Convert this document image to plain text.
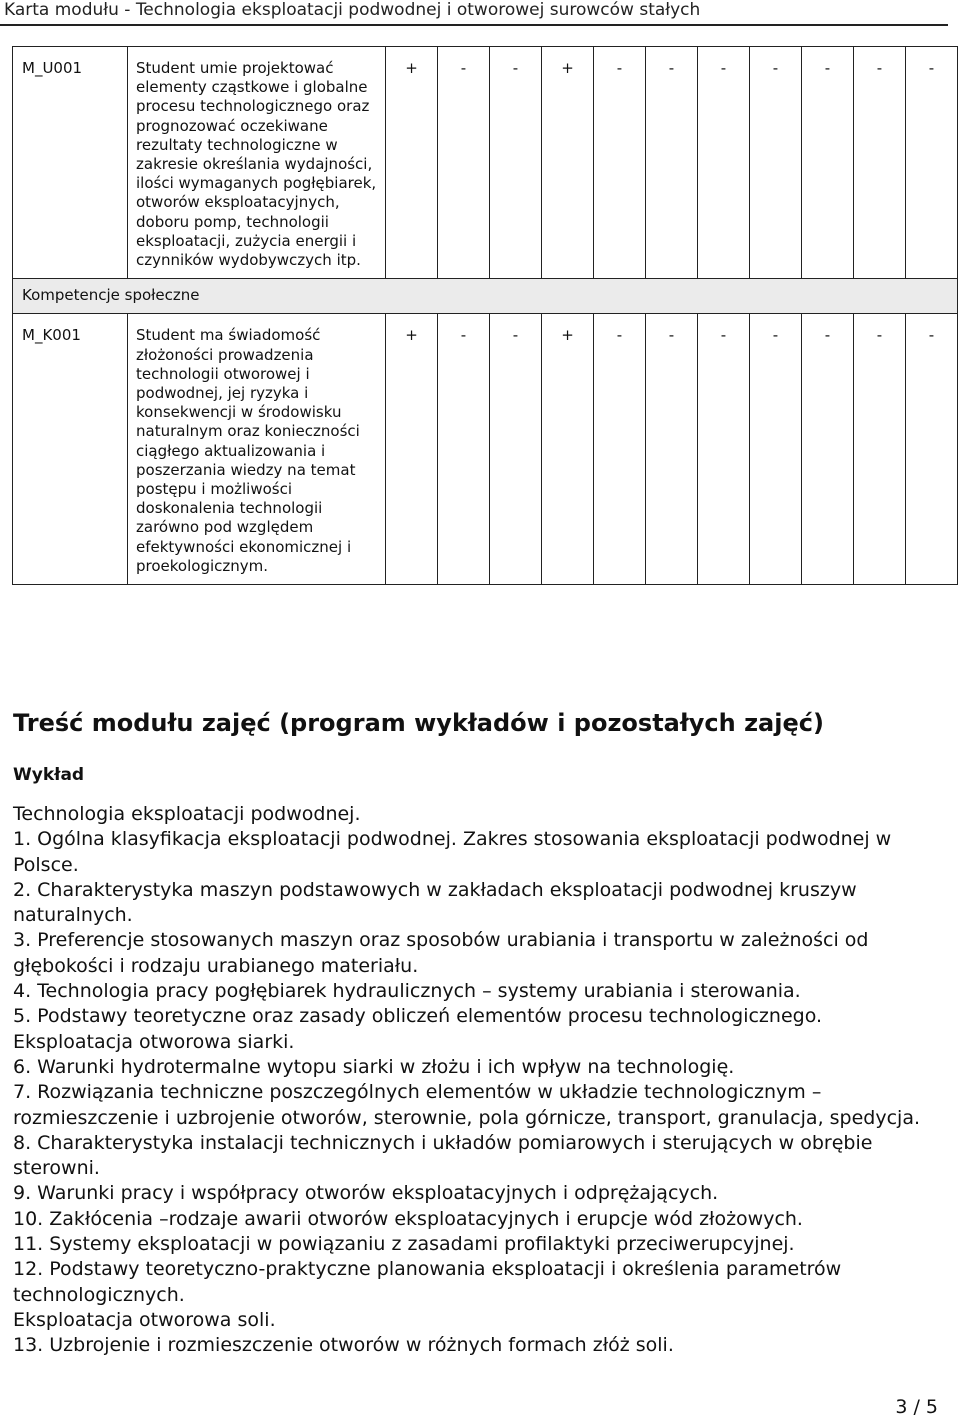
Karta modułu - Technologia eksploatacji podwodnej i otworowej surowców stałych
M_U001	Student umie projektować elementy cząstkowe i globalne procesu technologicznego oraz prognozować oczekiwane rezultaty technologiczne w zakresie określania wydajności, ilości wymaganych pogłębiarek, otworów eksploatacyjnych, doboru pomp, technologii eksploatacji, zużycia energii i czynników wydobywczych itp.	+	-	-	+	-	-	-	-	-	-	-
Kompetencje społeczne												
M_K001	Student ma świadomość złożoności prowadzenia technologii otworowej i podwodnej, jej ryzyka i konsekwencji w środowisku naturalnym oraz konieczności ciągłego aktualizowania i poszerzania wiedzy na temat postępu i możliwości doskonalenia technologii zarówno pod względem efektywności ekonomicznej i proekologicznym.	+	-	-	+	-	-	-	-	-	-	-
Treść modułu zajęć (program wykładów i pozostałych zajęć)
Wykład

Technologia eksploatacji podwodnej.

1. Ogólna klasyfikacja eksploatacji podwodnej. Zakres stosowania eksploatacji podwodnej w Polsce.

2. Charakterystyka maszyn podstawowych w zakładach eksploatacji podwodnej kruszyw naturalnych.

3. Preferencje stosowanych maszyn oraz sposobów urabiania i transportu w zależności od głębokości i rodzaju urabianego materiału.

4. Technologia pracy pogłębiarek hydraulicznych – systemy urabiania i sterowania.

5. Podstawy teoretyczne oraz zasady obliczeń elementów procesu technologicznego.

Eksploatacja otworowa siarki.

6. Warunki hydrotermalne wytopu siarki w złożu i ich wpływ na technologię.

7. Rozwiązania techniczne poszczególnych elementów w układzie technologicznym – rozmieszczenie i uzbrojenie otworów, sterownie, pola górnicze, transport, granulacja, spedycja.

8. Charakterystyka instalacji technicznych i układów pomiarowych i sterujących w obrębie sterowni.

9. Warunki pracy i współpracy otworów eksploatacyjnych i odprężających.

10. Zakłócenia –rodzaje awarii otworów eksploatacyjnych i erupcje wód złożowych.

11. Systemy eksploatacji w powiązaniu z zasadami profilaktyki przeciwerupcyjnej.

12. Podstawy teoretyczno-praktyczne planowania eksploatacji i określenia parametrów technologicznych.

Eksploatacja otworowa soli.

13. Uzbrojenie i rozmieszczenie otworów w różnych formach złóż soli.

3 / 5
